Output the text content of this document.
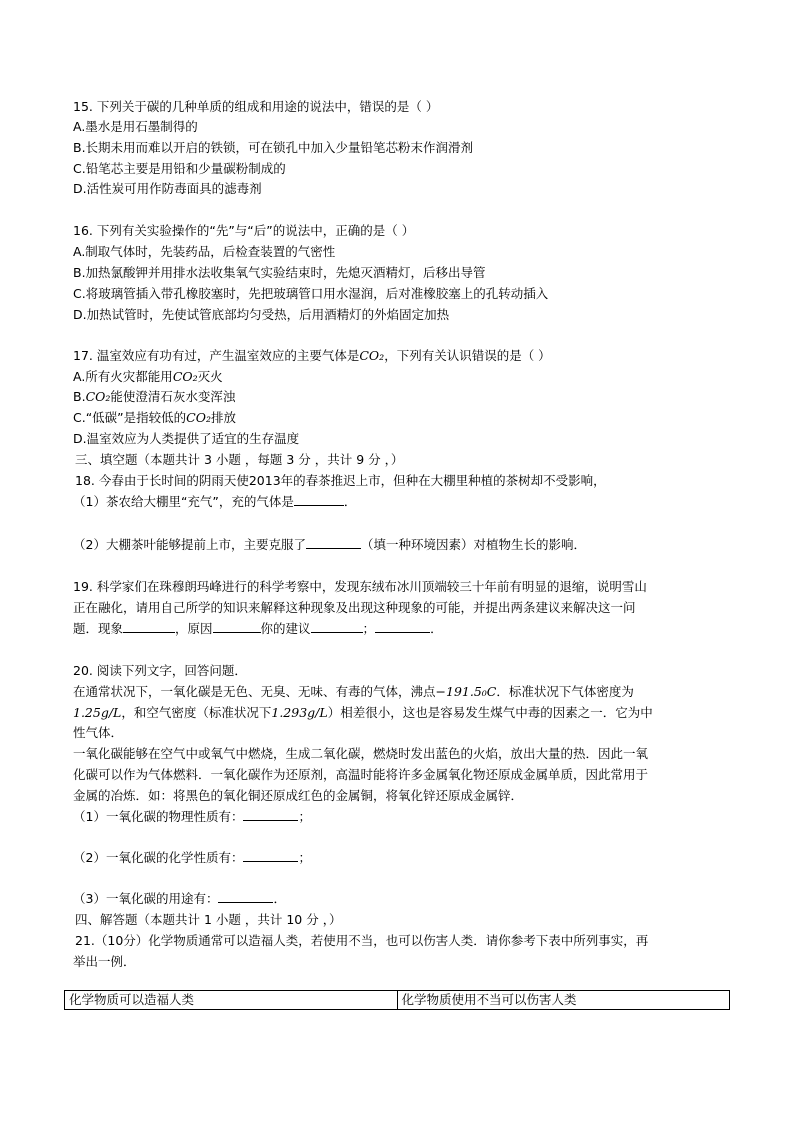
15. 下列关于碳的几种单质的组成和用途的说法中，错误的是（ ）
A.墨水是用石墨制得的
B.长期未用而难以开启的铁锁，可在锁孔中加入少量铅笔芯粉末作润滑剂
C.铅笔芯主要是用铅和少量碳粉制成的
D.活性炭可用作防毒面具的滤毒剂
16. 下列有关实验操作的“先”与“后”的说法中，正确的是（ ）
A.制取气体时，先装药品，后检查装置的气密性
B.加热氯酸钾并用排水法收集氧气实验结束时，先熄灭酒精灯，后移出导管
C.将玻璃管插入带孔橡胶塞时，先把玻璃管口用水湿润，后对准橡胶塞上的孔转动插入
D.加热试管时，先使试管底部均匀受热，后用酒精灯的外焰固定加热
17. 温室效应有功有过，产生温室效应的主要气体是CO₂，下列有关认识错误的是（ ）
A.所有火灾都能用CO₂灭火
B.CO₂能使澄清石灰水变浑浊
C.“低碳”是指较低的CO₂排放
D.温室效应为人类提供了适宜的生存温度
三、填空题（本题共计 3 小题 ，每题 3 分 ，共计 9 分 ，）
18. 今春由于长时间的阴雨天使2013年的春茶推迟上市，但种在大棚里种植的茶树却不受影响，
（1）茶农给大棚里“充气”，充的气体是	．
（2）大棚茶叶能够提前上市，主要克服了	（填一种环境因素）对植物生长的影响．
19. 科学家们在珠穆朗玛峰进行的科学考察中，发现东绒布冰川顶端较三十年前有明显的退缩，说明雪山
正在融化，请用自己所学的知识来解释这种现象及出现这种现象的可能，并提出两条建议来解决这一问
题．现象	，原因	你的建议	；	．
20. 阅读下列文字，回答问题．
在通常状况下，一氧化碳是无色、无臭、无味、有毒的气体，沸点−191.5₀C．标准状况下气体密度为
1.25g/L，和空气密度（标准状况下1.293g/L）相差很小，这也是容易发生煤气中毒的因素之一．它为中
性气体．
一氧化碳能够在空气中或氧气中燃烧，生成二氧化碳，燃烧时发出蓝色的火焰，放出大量的热．因此一氧
化碳可以作为气体燃料．一氧化碳作为还原剂，高温时能将许多金属氧化物还原成金属单质，因此常用于
金属的冶炼．如：将黑色的氧化铜还原成红色的金属铜，将氧化锌还原成金属锌．
（1）一氧化碳的物理性质有：	；
（2）一氧化碳的化学性质有：	；
（3）一氧化碳的用途有：	．
四、解答题（本题共计 1 小题 ，共计 10 分 ，）
21.（10分）化学物质通常可以造福人类，若使用不当，也可以伤害人类．请你参考下表中所列事实，再
举出一例．
化学物质可以造福人类	化学物质使用不当可以伤害人类
